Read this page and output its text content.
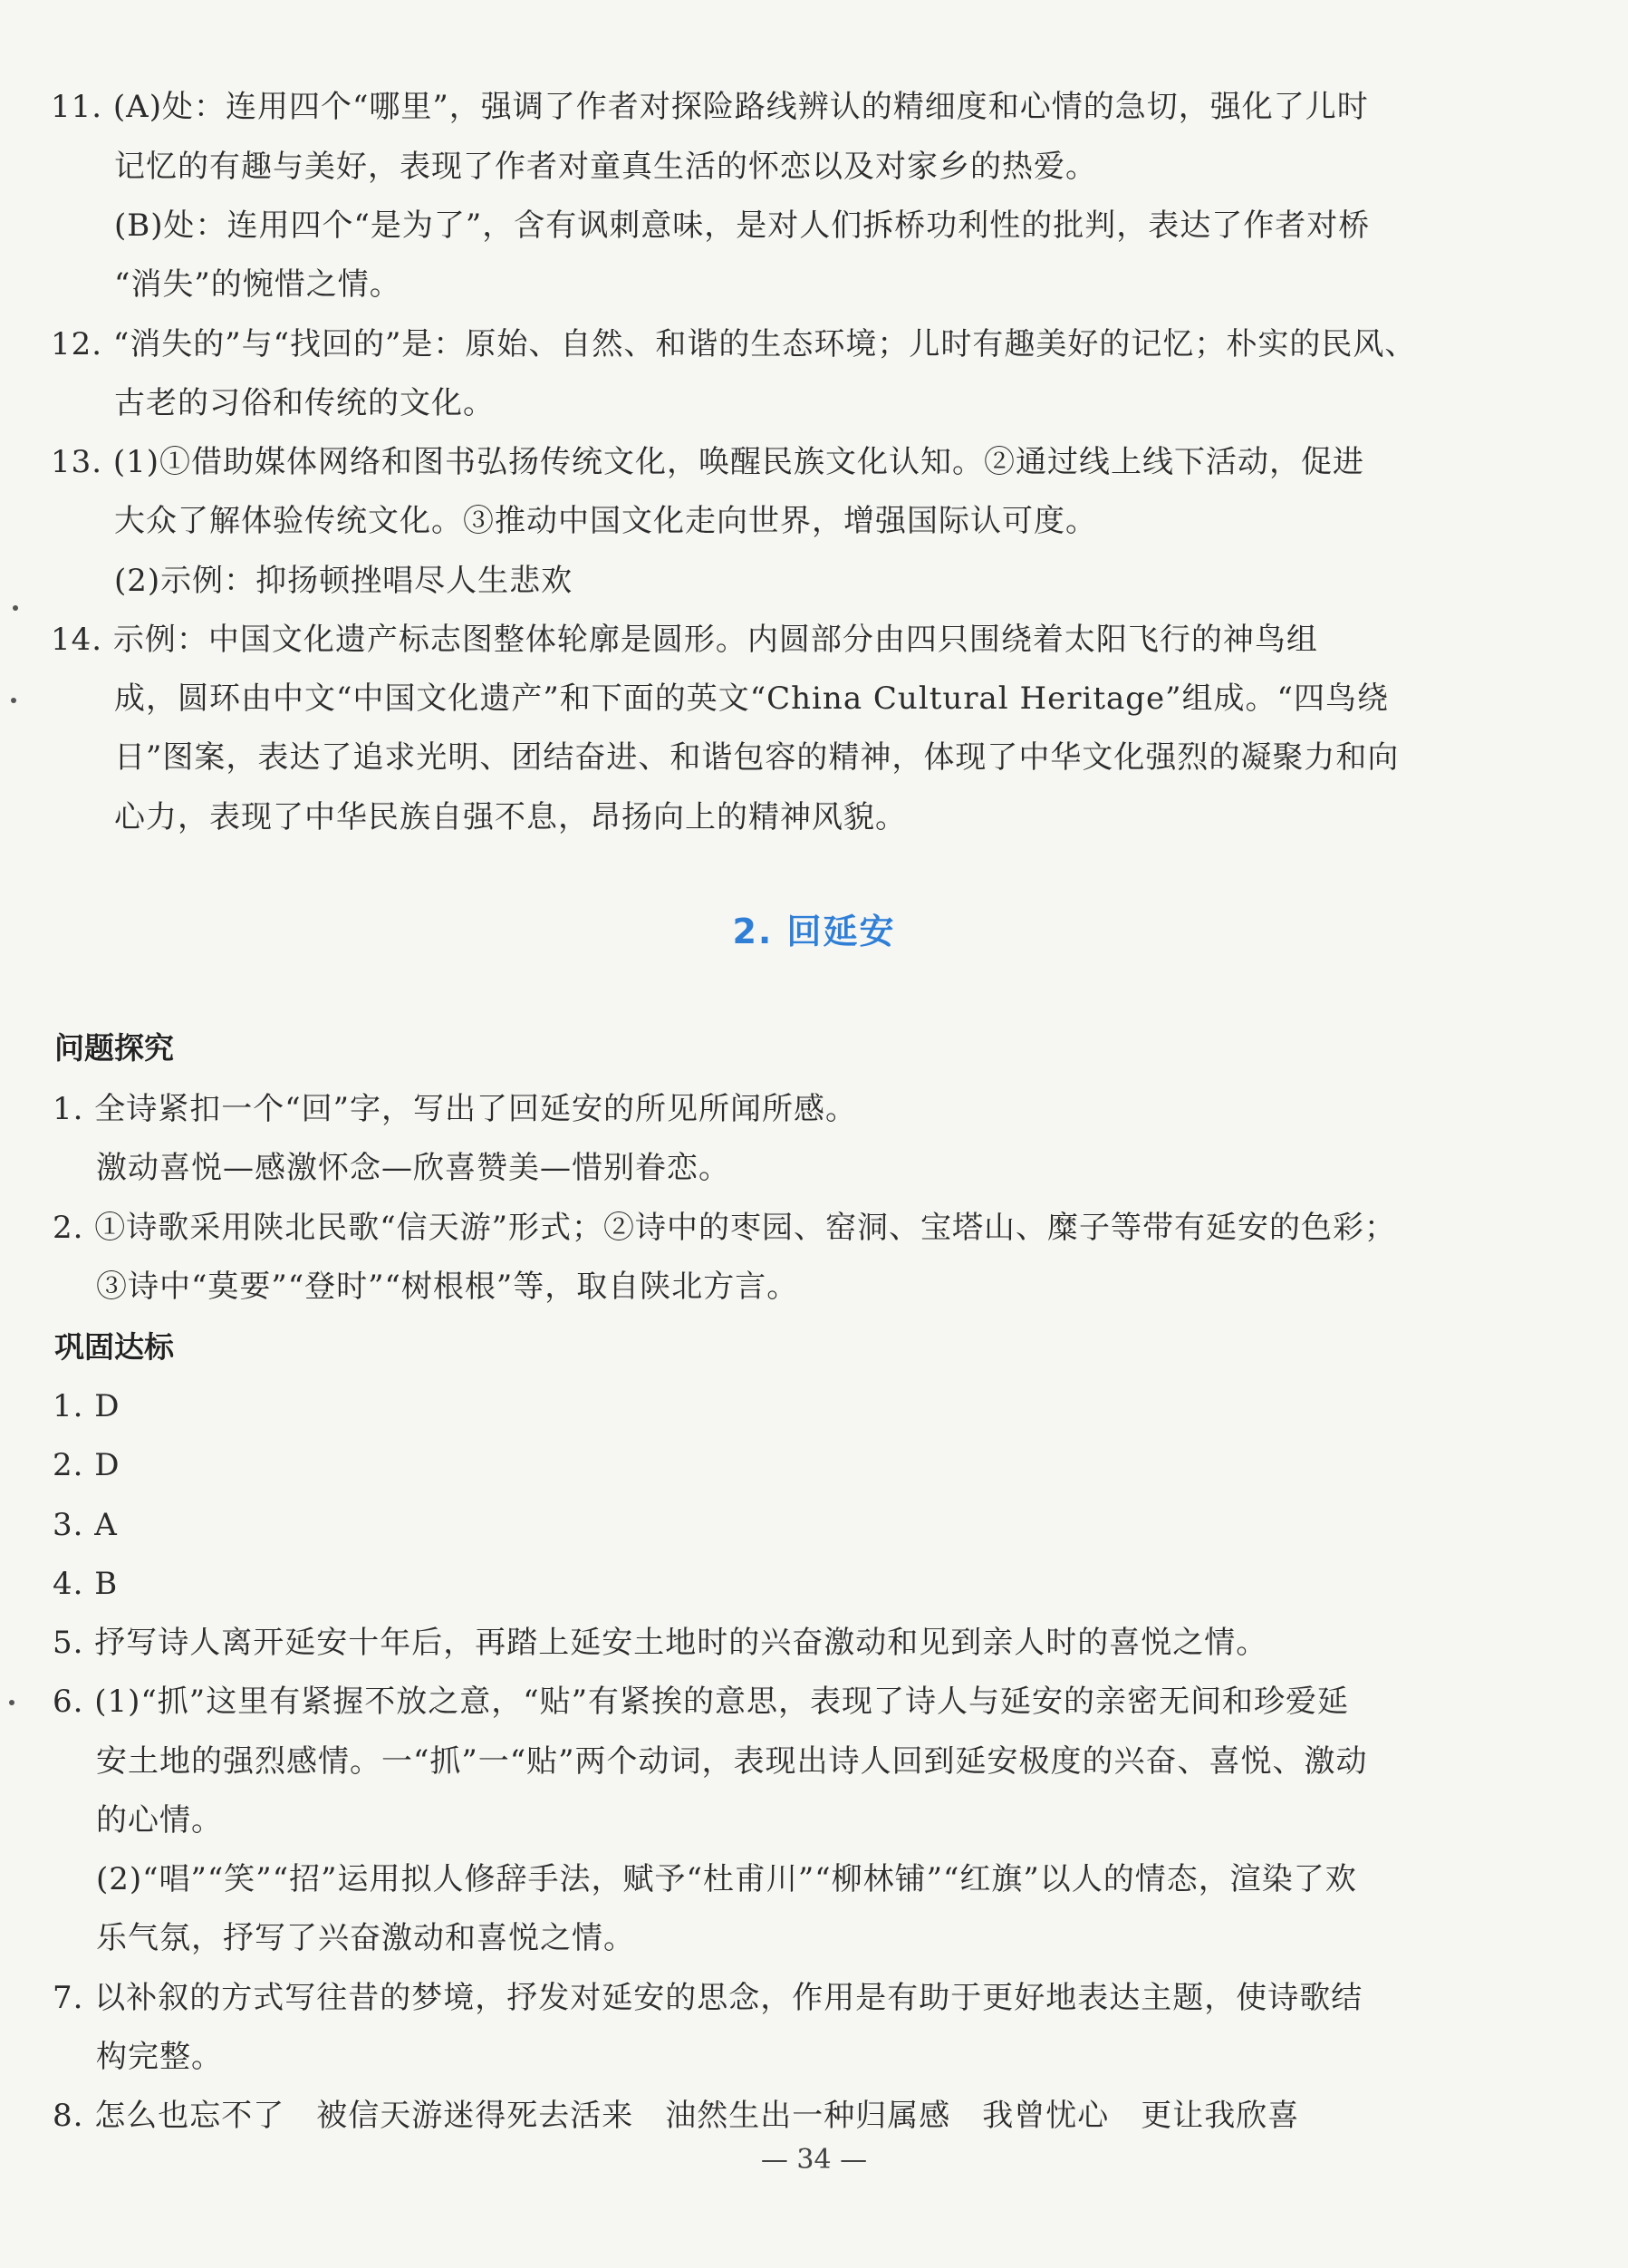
11. (A)处：连用四个“哪里”，强调了作者对探险路线辨认的精细度和心情的急切，强化了儿时
记忆的有趣与美好，表现了作者对童真生活的怀恋以及对家乡的热爱。
(B)处：连用四个“是为了”，含有讽刺意味，是对人们拆桥功利性的批判，表达了作者对桥
“消失”的惋惜之情。
12. “消失的”与“找回的”是：原始、自然、和谐的生态环境；儿时有趣美好的记忆；朴实的民风、
古老的习俗和传统的文化。
13. (1)①借助媒体网络和图书弘扬传统文化，唤醒民族文化认知。②通过线上线下活动，促进
大众了解体验传统文化。③推动中国文化走向世界，增强国际认可度。
(2)示例：抑扬顿挫唱尽人生悲欢
14. 示例：中国文化遗产标志图整体轮廓是圆形。内圆部分由四只围绕着太阳飞行的神鸟组
成，圆环由中文“中国文化遗产”和下面的英文“China Cultural Heritage”组成。“四鸟绕
日”图案，表达了追求光明、团结奋进、和谐包容的精神，体现了中华文化强烈的凝聚力和向
心力，表现了中华民族自强不息，昂扬向上的精神风貌。
2. 回延安
问题探究
1. 全诗紧扣一个“回”字，写出了回延安的所见所闻所感。
激动喜悦—感激怀念—欣喜赞美—惜别眷恋。
2. ①诗歌采用陕北民歌“信天游”形式；②诗中的枣园、窑洞、宝塔山、糜子等带有延安的色彩；
③诗中“莫要”“登时”“树根根”等，取自陕北方言。
巩固达标
1. D
2. D
3. A
4. B
5. 抒写诗人离开延安十年后，再踏上延安土地时的兴奋激动和见到亲人时的喜悦之情。
6. (1)“抓”这里有紧握不放之意，“贴”有紧挨的意思，表现了诗人与延安的亲密无间和珍爱延
安土地的强烈感情。一“抓”一“贴”两个动词，表现出诗人回到延安极度的兴奋、喜悦、激动
的心情。
(2)“唱”“笑”“招”运用拟人修辞手法，赋予“杜甫川”“柳林铺”“红旗”以人的情态，渲染了欢
乐气氛，抒写了兴奋激动和喜悦之情。
7. 以补叙的方式写往昔的梦境，抒发对延安的思念，作用是有助于更好地表达主题，使诗歌结
构完整。
8. 怎么也忘不了　被信天游迷得死去活来　油然生出一种归属感　我曾忧心　更让我欣喜
— 34 —
